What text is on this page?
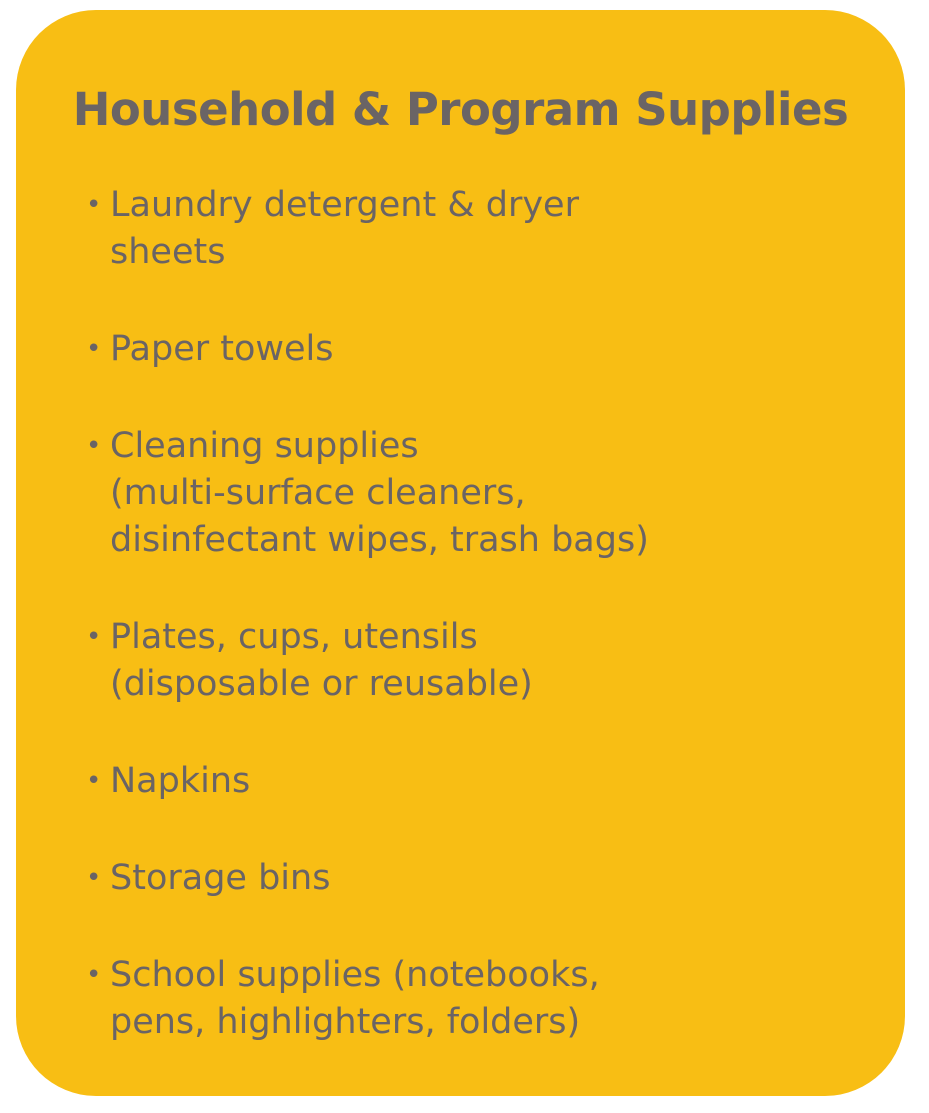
Household & Program Supplies
• Laundry detergent & dryer
sheets
• Paper towels
• Cleaning supplies
(multi-surface cleaners,
disinfectant wipes, trash bags)
• Plates, cups, utensils
(disposable or reusable)
• Napkins
• Storage bins
• School supplies (notebooks,
pens, highlighters, folders)
